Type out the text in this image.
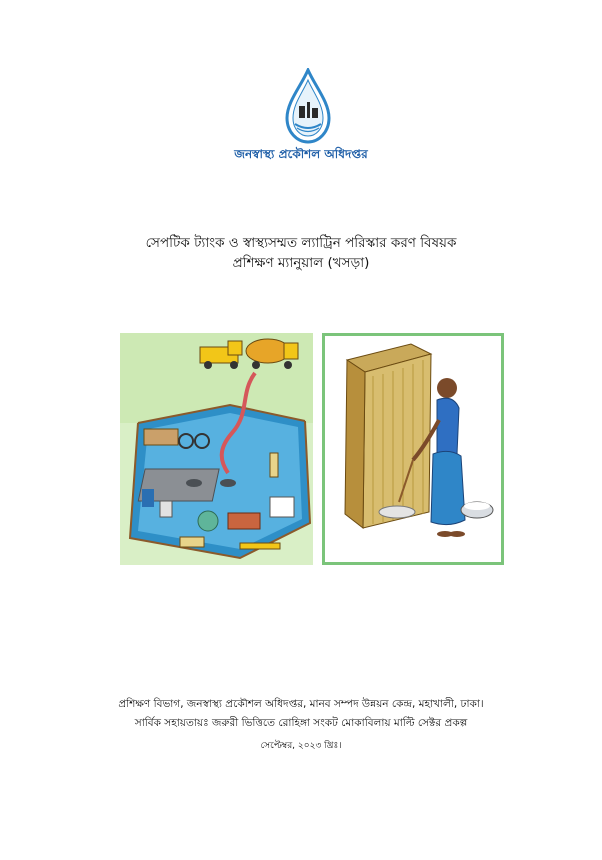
জনস্বাস্থ্য প্রকৌশল অধিদপ্তর
সেপটিক ট্যাংক ও স্বাস্থ্যসম্মত ল্যাট্রিন পরিস্কার করণ বিষয়ক
প্রশিক্ষণ ম্যানুয়াল (খসড়া)
প্রশিক্ষণ বিভাগ, জনস্বাস্থ্য প্রকৌশল অধিদপ্তর, মানব সম্পদ উন্নয়ন কেন্দ্র, মহাখালী, ঢাকা।
সার্বিক সহায়তায়ঃ জরুরী ভিত্তিতে রোহিঙ্গা সংকট মোকাবিলায় মাল্টি সেক্টর প্রকল্প
সেপ্টেম্বর, ২০২৩ খ্রিঃ।
